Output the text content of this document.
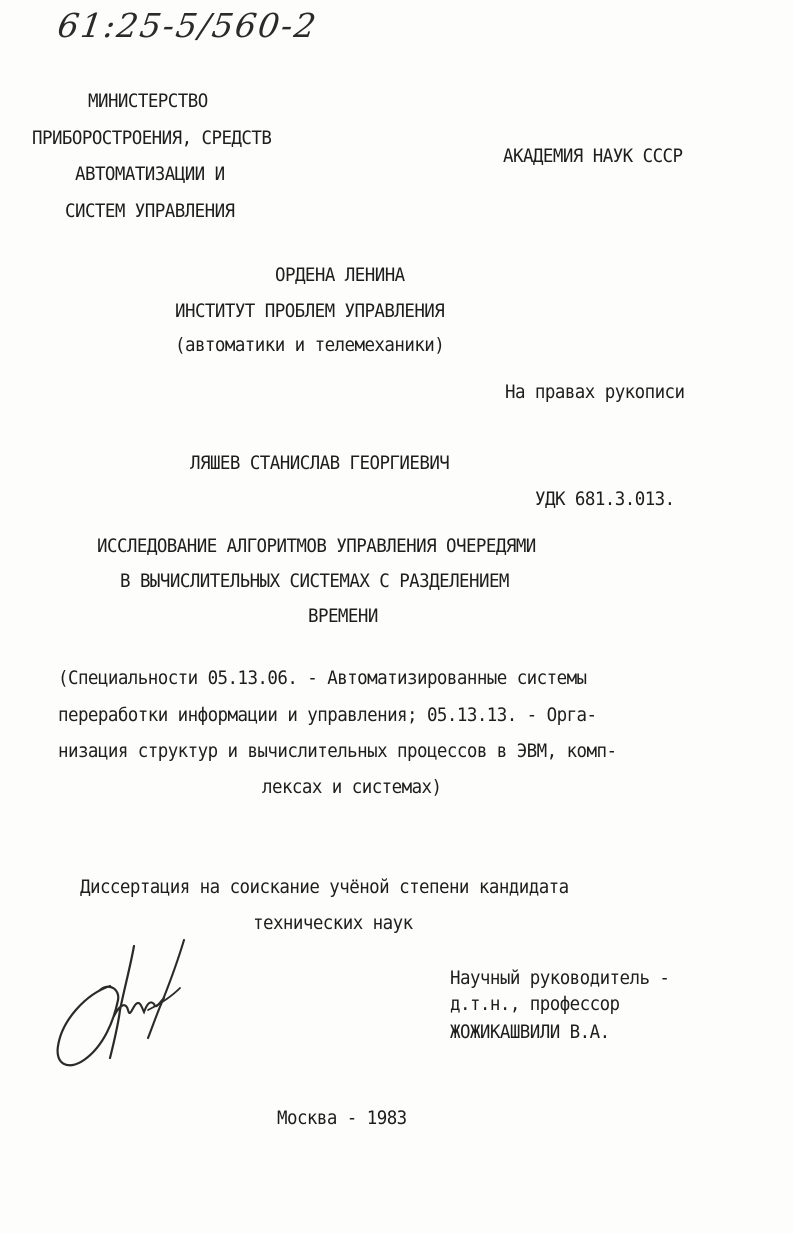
61:25-5/560-2
МИНИСТЕРСТВО
ПРИБОРОСТРОЕНИЯ, СРЕДСТВ
АВТОМАТИЗАЦИИ И
СИСТЕМ УПРАВЛЕНИЯ
АКАДЕМИЯ НАУК СССР
ОРДЕНА ЛЕНИНА
ИНСТИТУТ ПРОБЛЕМ УПРАВЛЕНИЯ
(автоматики и телемеханики)
На правах рукописи
ЛЯШЕВ СТАНИСЛАВ ГЕОРГИЕВИЧ
УДК 681.3.013.
ИССЛЕДОВАНИЕ АЛГОРИТМОВ УПРАВЛЕНИЯ ОЧЕРЕДЯМИ
В ВЫЧИСЛИТЕЛЬНЫХ СИСТЕМАХ С РАЗДЕЛЕНИЕМ
ВРЕМЕНИ
(Специальности 05.13.06. - Автоматизированные системы
переработки информации и управления; 05.13.13. - Орга-
низация структур и вычислительных процессов в ЭВМ, комп-
лексах и системах)
Диссертация на соискание учёной степени кандидата
технических наук
Научный руководитель -
д.т.н., профессор
ЖОЖИКАШВИЛИ В.А.
Москва - 1983
